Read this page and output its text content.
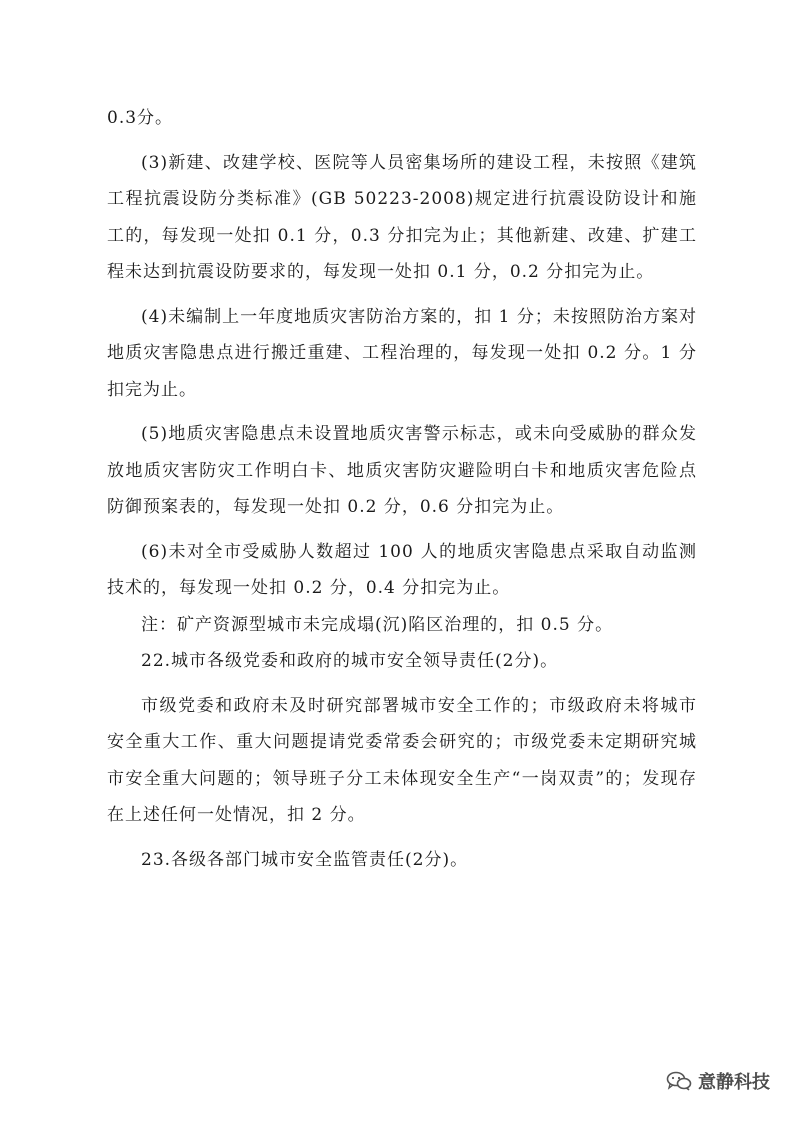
0.3分。

(3)新建、改建学校、医院等人员密集场所的建设工程，未按照《建筑工程抗震设防分类标准》(GB 50223-2008)规定进行抗震设防设计和施工的，每发现一处扣 0.1 分，0.3 分扣完为止；其他新建、改建、扩建工程未达到抗震设防要求的，每发现一处扣 0.1 分，0.2 分扣完为止。

(4)未编制上一年度地质灾害防治方案的，扣 1 分；未按照防治方案对地质灾害隐患点进行搬迁重建、工程治理的，每发现一处扣 0.2 分。1 分扣完为止。

(5)地质灾害隐患点未设置地质灾害警示标志，或未向受威胁的群众发放地质灾害防灾工作明白卡、地质灾害防灾避险明白卡和地质灾害危险点防御预案表的，每发现一处扣 0.2 分，0.6 分扣完为止。

(6)未对全市受威胁人数超过 100 人的地质灾害隐患点采取自动监测技术的，每发现一处扣 0.2 分，0.4 分扣完为止。

注：矿产资源型城市未完成塌(沉)陷区治理的，扣 0.5 分。

22.城市各级党委和政府的城市安全领导责任(2分)。

市级党委和政府未及时研究部署城市安全工作的；市级政府未将城市安全重大工作、重大问题提请党委常委会研究的；市级党委未定期研究城市安全重大问题的；领导班子分工未体现安全生产“一岗双责”的；发现存在上述任何一处情况，扣 2 分。

23.各级各部门城市安全监管责任(2分)。

意静科技
